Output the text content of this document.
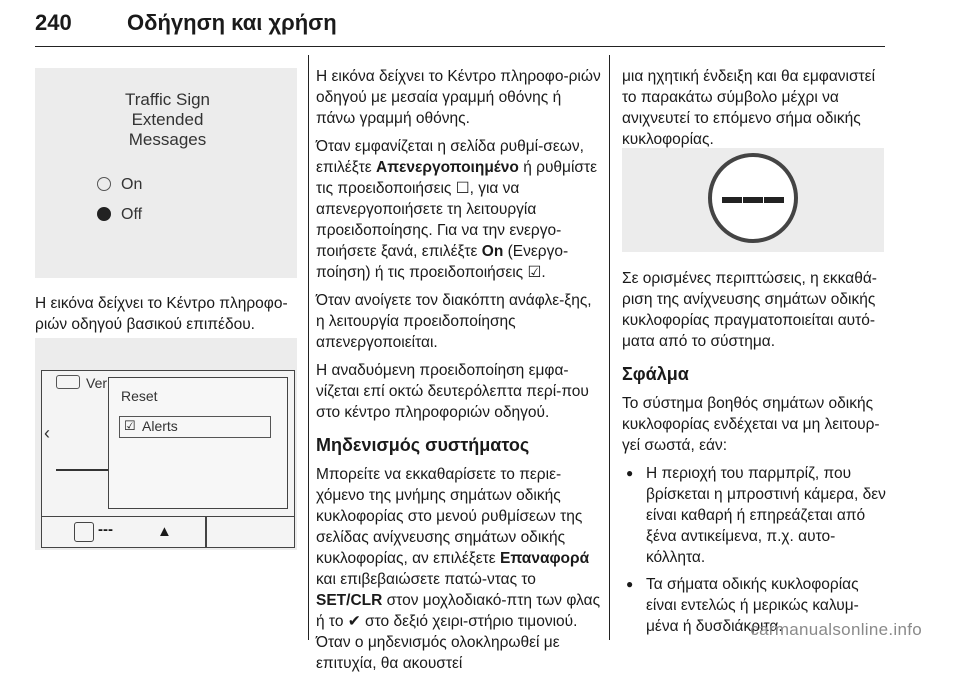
240	Οδήγηση και χρήση
Traffic Sign
Extended
Messages
On
Off
Η εικόνα δείχνει το Κέντρο πληροφο-ριών οδηγού βασικού επιπέδου.
Ver
‹
Reset
☑ Alerts
---	▲

Η εικόνα δείχνει το Κέντρο πληροφο-ριών οδηγού με μεσαία γραμμή οθόνης ή πάνω γραμμή οθόνης.

Όταν εμφανίζεται η σελίδα ρυθμί-σεων, επιλέξτε Απενεργοποιημένο ή ρυθμίστε τις προειδοποιήσεις ☐, για να απενεργοποιήσετε τη λειτουργία προειδοποίησης. Για να την ενεργο-ποιήσετε ξανά, επιλέξτε On (Ενεργο-ποίηση) ή τις προειδοποιήσεις ☑.

Όταν ανοίγετε τον διακόπτη ανάφλε-ξης, η λειτουργία προειδοποίησης απενεργοποιείται.

Η αναδυόμενη προειδοποίηση εμφα-νίζεται επί οκτώ δευτερόλεπτα περί-που στο κέντρο πληροφοριών οδηγού.

Μηδενισμός συστήματος

Μπορείτε να εκκαθαρίσετε το περιε-χόμενο της μνήμης σημάτων οδικής κυκλοφορίας στο μενού ρυθμίσεων της σελίδας ανίχνευσης σημάτων οδικής κυκλοφορίας, αν επιλέξετε Επαναφορά και επιβεβαιώσετε πατώ-ντας το SET/CLR στον μοχλοδιακό-πτη των φλας ή το ✔ στο δεξιό χειρι-στήριο τιμονιού. Όταν ο μηδενισμός ολοκληρωθεί με επιτυχία, θα ακουστεί

μια ηχητική ένδειξη και θα εμφανιστεί το παρακάτω σύμβολο μέχρι να ανιχνευτεί το επόμενο σήμα οδικής κυκλοφορίας.

Σε ορισμένες περιπτώσεις, η εκκαθά-ριση της ανίχνευσης σημάτων οδικής κυκλοφορίας πραγματοποιείται αυτό-ματα από το σύστημα.

Σφάλμα

Το σύστημα βοηθός σημάτων οδικής κυκλοφορίας ενδέχεται να μη λειτουρ-γεί σωστά, εάν:

● Η περιοχή του παρμπρίζ, που βρίσκεται η μπροστινή κάμερα, δεν είναι καθαρή ή επηρεάζεται από ξένα αντικείμενα, π.χ. αυτο-κόλλητα.
● Τα σήματα οδικής κυκλοφορίας είναι εντελώς ή μερικώς καλυμ-μένα ή δυσδιάκριτα.
carmanualsonline.info
